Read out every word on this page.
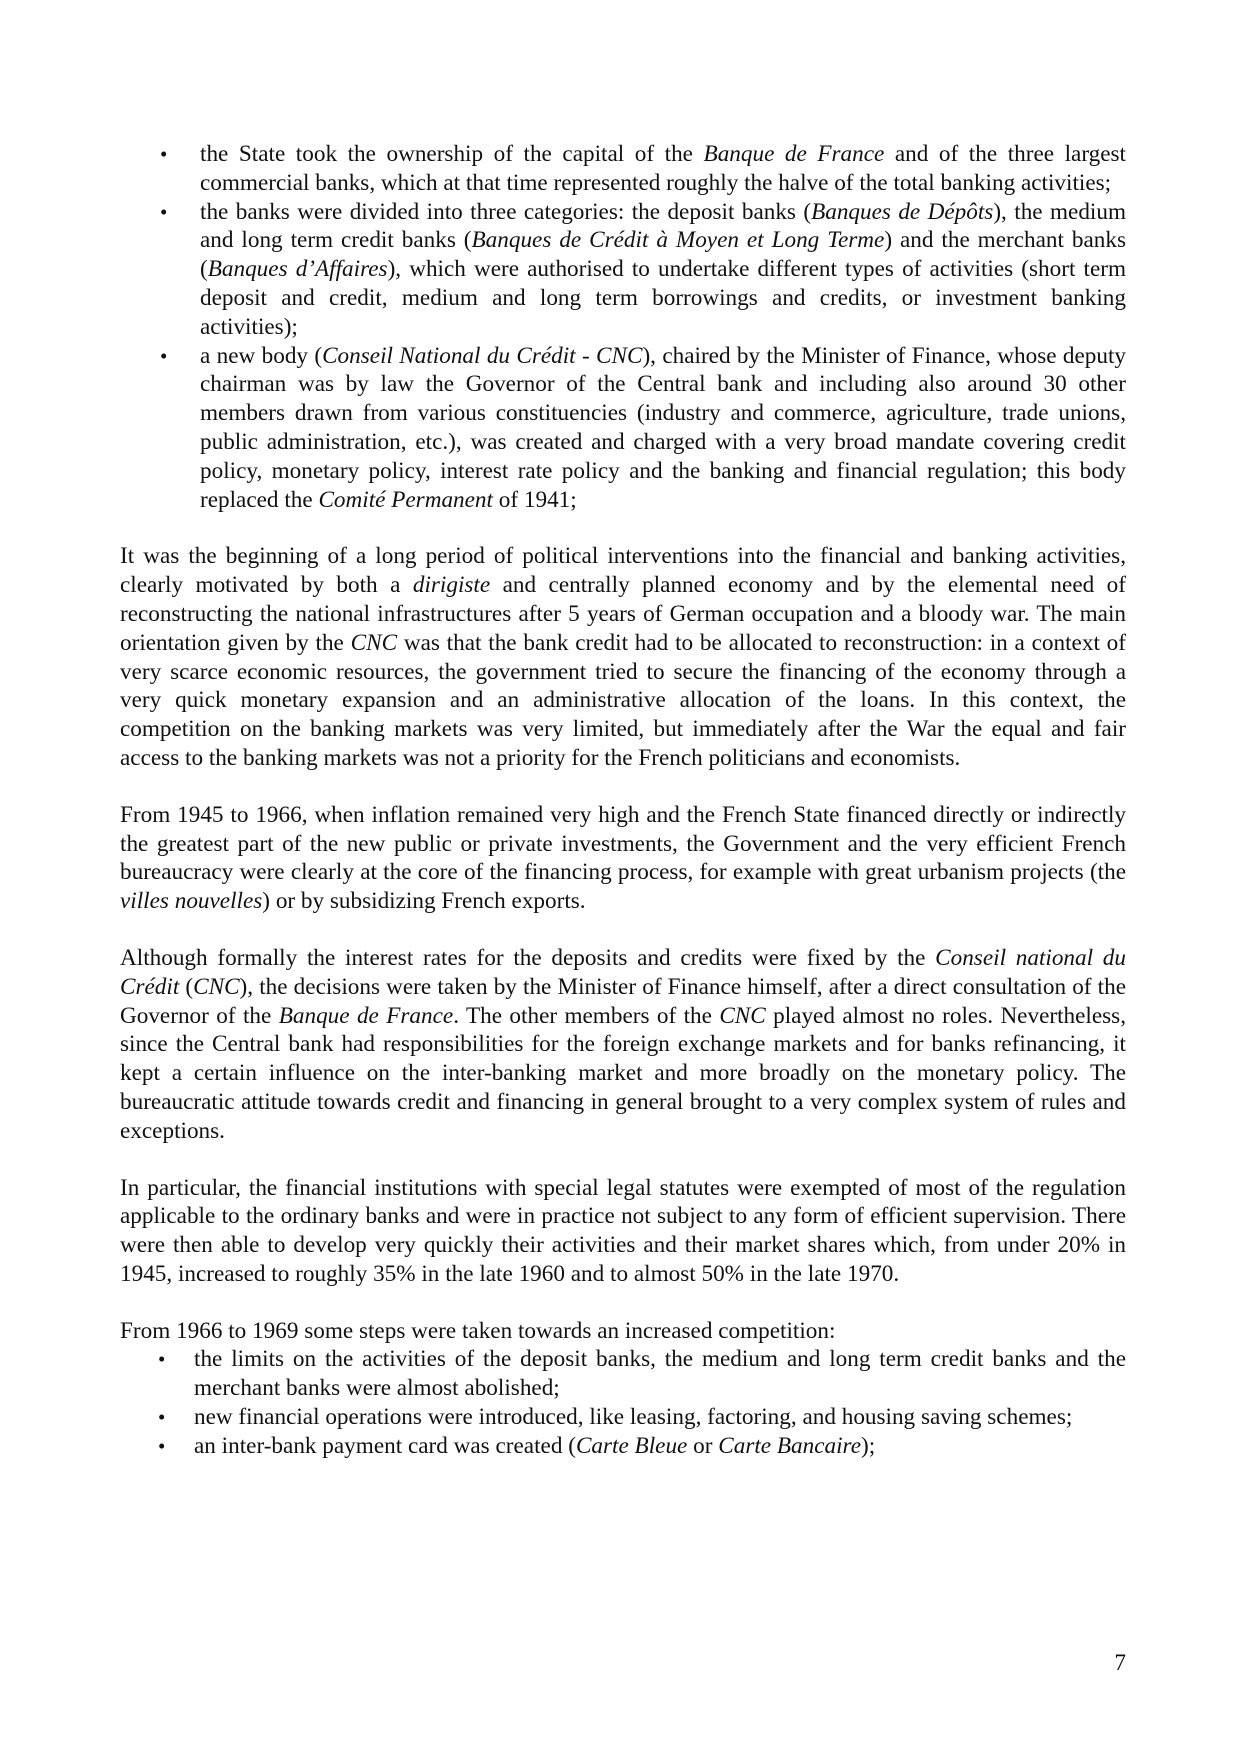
• the State took the ownership of the capital of the Banque de France and of the three largest commercial banks, which at that time represented roughly the halve of the total banking activities;
• the banks were divided into three categories: the deposit banks (Banques de Dépôts), the medium and long term credit banks (Banques de Crédit à Moyen et Long Terme) and the merchant banks (Banques d’Affaires), which were authorised to undertake different types of activities (short term deposit and credit, medium and long term borrowings and credits, or investment banking activities);
• a new body (Conseil National du Crédit - CNC), chaired by the Minister of Finance, whose deputy chairman was by law the Governor of the Central bank and including also around 30 other members drawn from various constituencies (industry and commerce, agriculture, trade unions, public administration, etc.), was created and charged with a very broad mandate covering credit policy, monetary policy, interest rate policy and the banking and financial regulation; this body replaced the Comité Permanent of 1941;

It was the beginning of a long period of political interventions into the financial and banking activities, clearly motivated by both a dirigiste and centrally planned economy and by the elemental need of reconstructing the national infrastructures after 5 years of German occupation and a bloody war. The main orientation given by the CNC was that the bank credit had to be allocated to reconstruction: in a context of very scarce economic resources, the government tried to secure the financing of the economy through a very quick monetary expansion and an administrative allocation of the loans. In this context, the competition on the banking markets was very limited, but immediately after the War the equal and fair access to the banking markets was not a priority for the French politicians and economists.

From 1945 to 1966, when inflation remained very high and the French State financed directly or indirectly the greatest part of the new public or private investments, the Government and the very efficient French bureaucracy were clearly at the core of the financing process, for example with great urbanism projects (the villes nouvelles) or by subsidizing French exports.

Although formally the interest rates for the deposits and credits were fixed by the Conseil national du Crédit (CNC), the decisions were taken by the Minister of Finance himself, after a direct consultation of the Governor of the Banque de France. The other members of the CNC played almost no roles. Nevertheless, since the Central bank had responsibilities for the foreign exchange markets and for banks refinancing, it kept a certain influence on the inter-banking market and more broadly on the monetary policy. The bureaucratic attitude towards credit and financing in general brought to a very complex system of rules and exceptions.

In particular, the financial institutions with special legal statutes were exempted of most of the regulation applicable to the ordinary banks and were in practice not subject to any form of efficient supervision. There were then able to develop very quickly their activities and their market shares which, from under 20% in 1945, increased to roughly 35% in the late 1960 and to almost 50% in the late 1970.

From 1966 to 1969 some steps were taken towards an increased competition:

• the limits on the activities of the deposit banks, the medium and long term credit banks and the merchant banks were almost abolished;
• new financial operations were introduced, like leasing, factoring, and housing saving schemes;
• an inter-bank payment card was created (Carte Bleue or Carte Bancaire);
7
